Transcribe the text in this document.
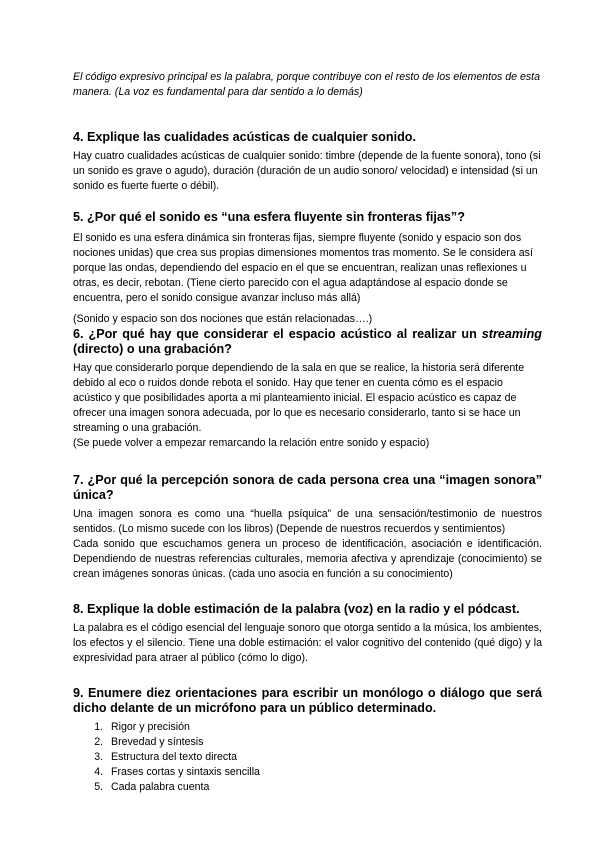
El código expresivo principal es la palabra, porque contribuye con el resto de los elementos de esta manera. (La voz es fundamental para dar sentido a lo demás)

4. Explique las cualidades acústicas de cualquier sonido.

Hay cuatro cualidades acústicas de cualquier sonido: timbre (depende de la fuente sonora), tono (si un sonido es grave o agudo), duración (duración de un audio sonoro/ velocidad) e intensidad (si un sonido es fuerte fuerte o débil).

5. ¿Por qué el sonido es “una esfera fluyente sin fronteras fijas”?

El sonido es una esfera dinámica sin fronteras fijas, siempre fluyente (sonido y espacio son dos nociones unidas) que crea sus propias dimensiones momentos tras momento. Se le considera así porque las ondas, dependiendo del espacio en el que se encuentran, realizan unas reflexiones u otras, es decir, rebotan. (Tiene cierto parecido con el agua adaptándose al espacio donde se encuentra, pero el sonido consigue avanzar incluso más allá)

(Sonido y espacio son dos nociones que están relacionadas….)

6. ¿Por qué hay que considerar el espacio acústico al realizar un streaming (directo) o una grabación?

Hay que considerarlo porque dependiendo de la sala en que se realice, la historia será diferente debido al eco o ruidos donde rebota el sonido. Hay que tener en cuenta cómo es el espacio acústico y que posibilidades aporta a mi planteamiento inicial. El espacio acústico es capaz de ofrecer una imagen sonora adecuada, por lo que es necesario considerarlo, tanto si se hace un streaming o una grabación.

(Se puede volver a empezar remarcando la relación entre sonido y espacio)

7. ¿Por qué la percepción sonora de cada persona crea una “imagen sonora” única?

Una imagen sonora es como una “huella psíquica” de una sensación/testimonio de nuestros sentidos. (Lo mismo sucede con los libros) (Depende de nuestros recuerdos y sentimientos)

Cada sonido que escuchamos genera un proceso de identificación, asociación e identificación. Dependiendo de nuestras referencias culturales, memoria afectiva y aprendizaje (conocimiento) se crean imágenes sonoras únicas. (cada uno asocia en función a su conocimiento)

8. Explique la doble estimación de la palabra (voz) en la radio y el pódcast.

La palabra es el código esencial del lenguaje sonoro que otorga sentido a la música, los ambientes, los efectos y el silencio. Tiene una doble estimación: el valor cognitivo del contenido (qué digo) y la expresividad para atraer al público (cómo lo digo).

9. Enumere diez orientaciones para escribir un monólogo o diálogo que será dicho delante de un micrófono para un público determinado.
1. Rigor y precisión
2. Brevedad y síntesis
3. Estructura del texto directa
4. Frases cortas y sintaxis sencilla
5. Cada palabra cuenta
